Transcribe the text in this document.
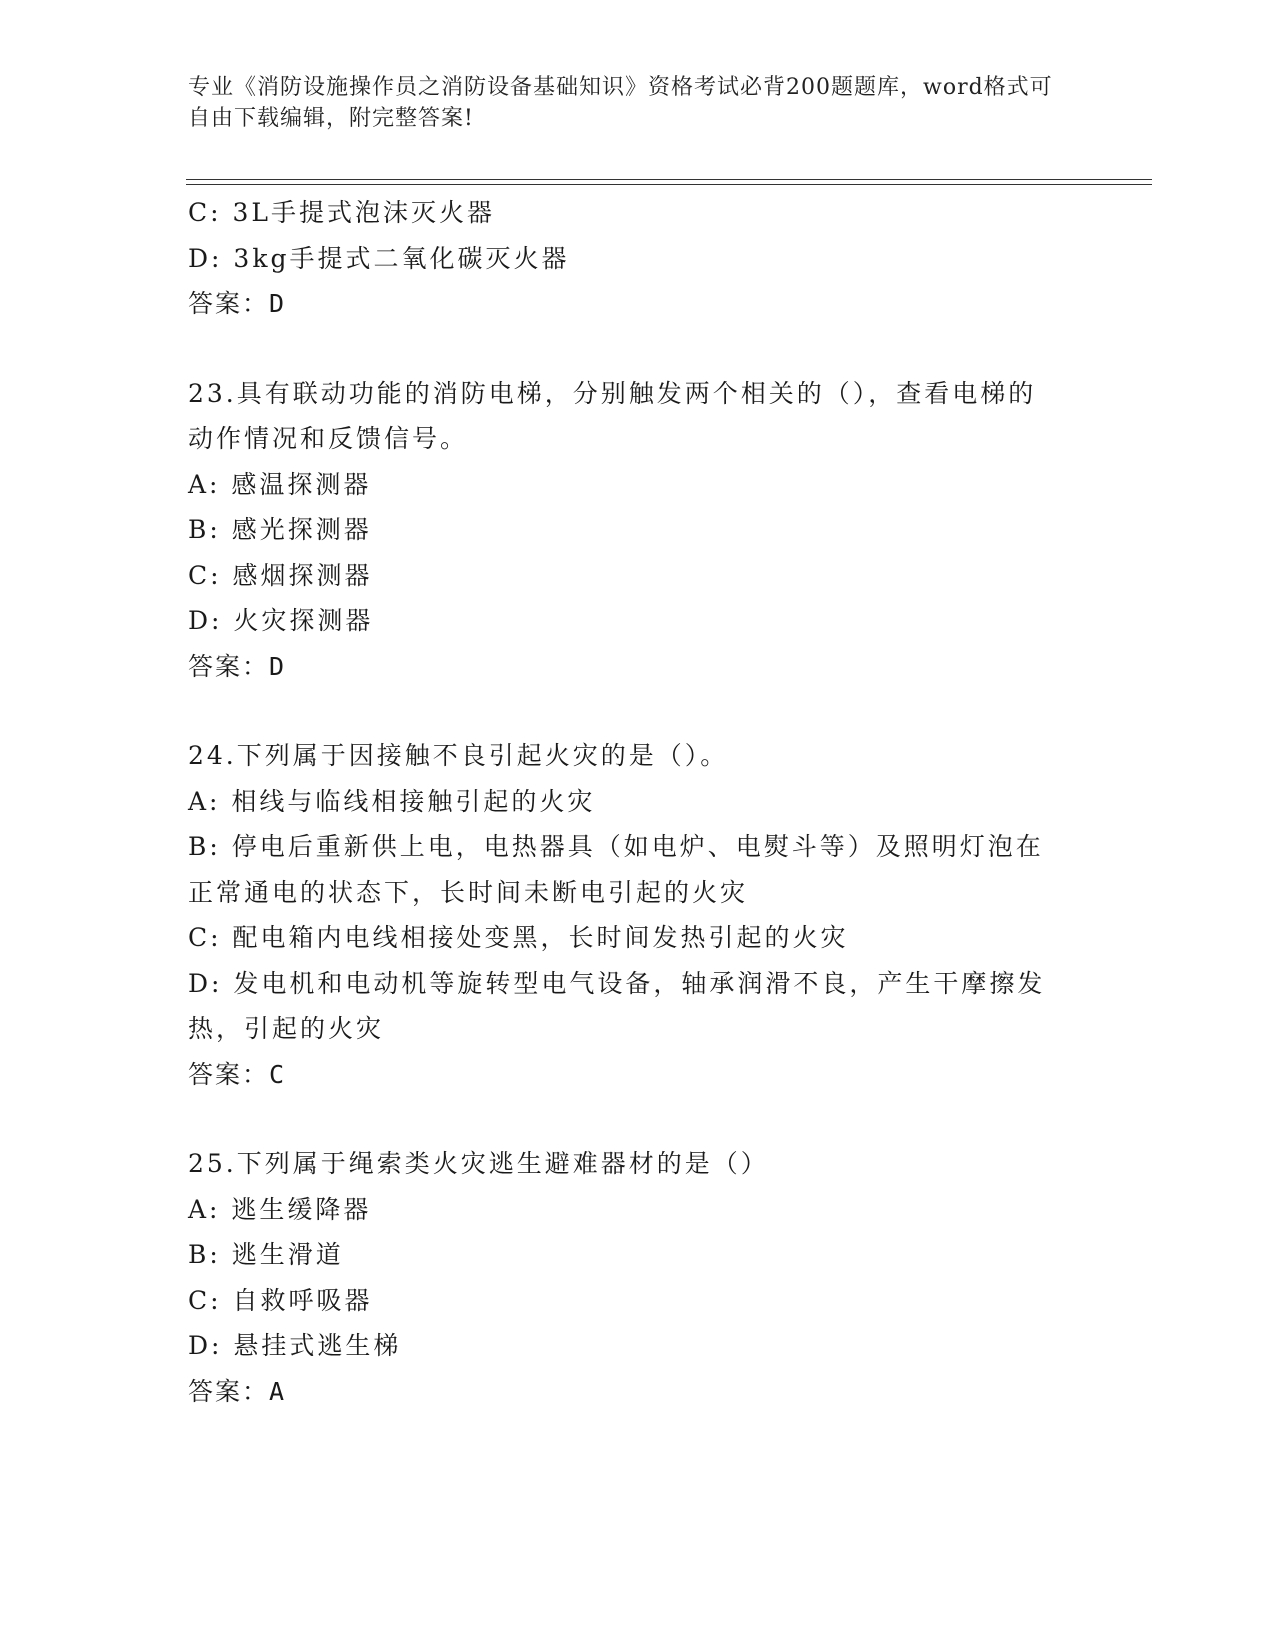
专业《消防设施操作员之消防设备基础知识》资格考试必背200题题库，word格式可自由下载编辑，附完整答案!
C: 3L手提式泡沫灭火器
D: 3kg手提式二氧化碳灭火器
答案：D
23.具有联动功能的消防电梯，分别触发两个相关的（），查看电梯的动作情况和反馈信号。
A: 感温探测器
B: 感光探测器
C: 感烟探测器
D: 火灾探测器
答案：D
24.下列属于因接触不良引起火灾的是（）。
A: 相线与临线相接触引起的火灾
B: 停电后重新供上电，电热器具（如电炉、电熨斗等）及照明灯泡在正常通电的状态下，长时间未断电引起的火灾
C: 配电箱内电线相接处变黑，长时间发热引起的火灾
D: 发电机和电动机等旋转型电气设备，轴承润滑不良，产生干摩擦发热，引起的火灾
答案：C
25.下列属于绳索类火灾逃生避难器材的是（）
A: 逃生缓降器
B: 逃生滑道
C: 自救呼吸器
D: 悬挂式逃生梯
答案：A
